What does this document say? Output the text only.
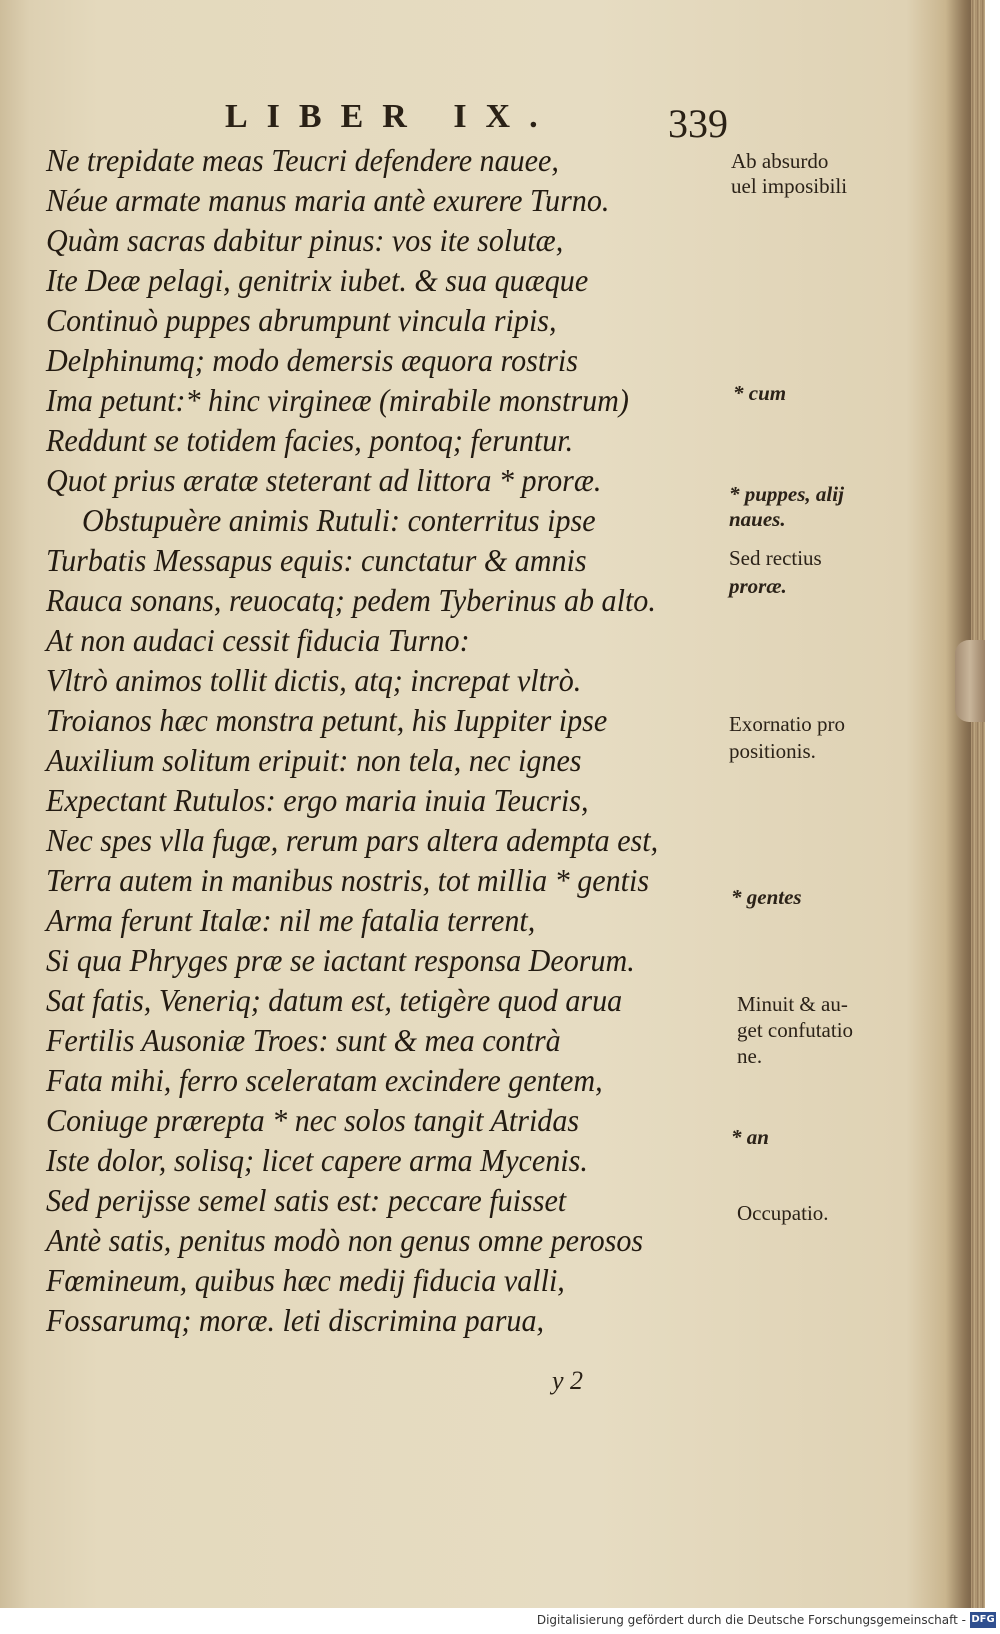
LIBER IX.	339
Ne trepidate meas Teucri defendere nauee,
Néue armate manus maria antè exurere Turno.
Quàm sacras dabitur pinus: vos ite solutæ,
Ite Deæ pelagi, genitrix iubet. & sua quæque
Continuò puppes abrumpunt vincula ripis,
Delphinumq; modo demersis æquora rostris
Ima petunt:* hinc virgineæ (mirabile monstrum)
Reddunt se totidem facies, pontoq; feruntur.
Quot prius æratæ steterant ad littora * proræ.
Obstupuère animis Rutuli: conterritus ipse
Turbatis Messapus equis: cunctatur & amnis
Rauca sonans, reuocatq; pedem Tyberinus ab alto.
At non audaci cessit fiducia Turno:
Vltrò animos tollit dictis, atq; increpat vltrò.
Troianos hæc monstra petunt, his Iuppiter ipse
Auxilium solitum eripuit: non tela, nec ignes
Expectant Rutulos: ergo maria inuia Teucris,
Nec spes vlla fugæ, rerum pars altera adempta est,
Terra autem in manibus nostris, tot millia * gentis
Arma ferunt Italæ: nil me fatalia terrent,
Si qua Phryges præ se iactant responsa Deorum.
Sat fatis, Veneriq; datum est, tetigère quod arua
Fertilis Ausoniæ Troes: sunt & mea contrà
Fata mihi, ferro sceleratam excindere gentem,
Coniuge prærepta * nec solos tangit Atridas
Iste dolor, solisq; licet capere arma Mycenis.
Sed perijsse semel satis est: peccare fuisset
Antè satis, penitus modò non genus omne perosos
Fœmineum, quibus hæc medij fiducia valli,
Fossarumq; moræ. leti discrimina parua,
Ab absurdo
uel imposibili
* cum
* puppes, alij
naues.
Sed rectius
proræ.
Exornatio pro
positionis.
* gentes
Minuit & au-
get confutatio
ne.
* an
Occupatio.
y 2
Digitalisierung gefördert durch die Deutsche Forschungsgemeinschaft - DFG
